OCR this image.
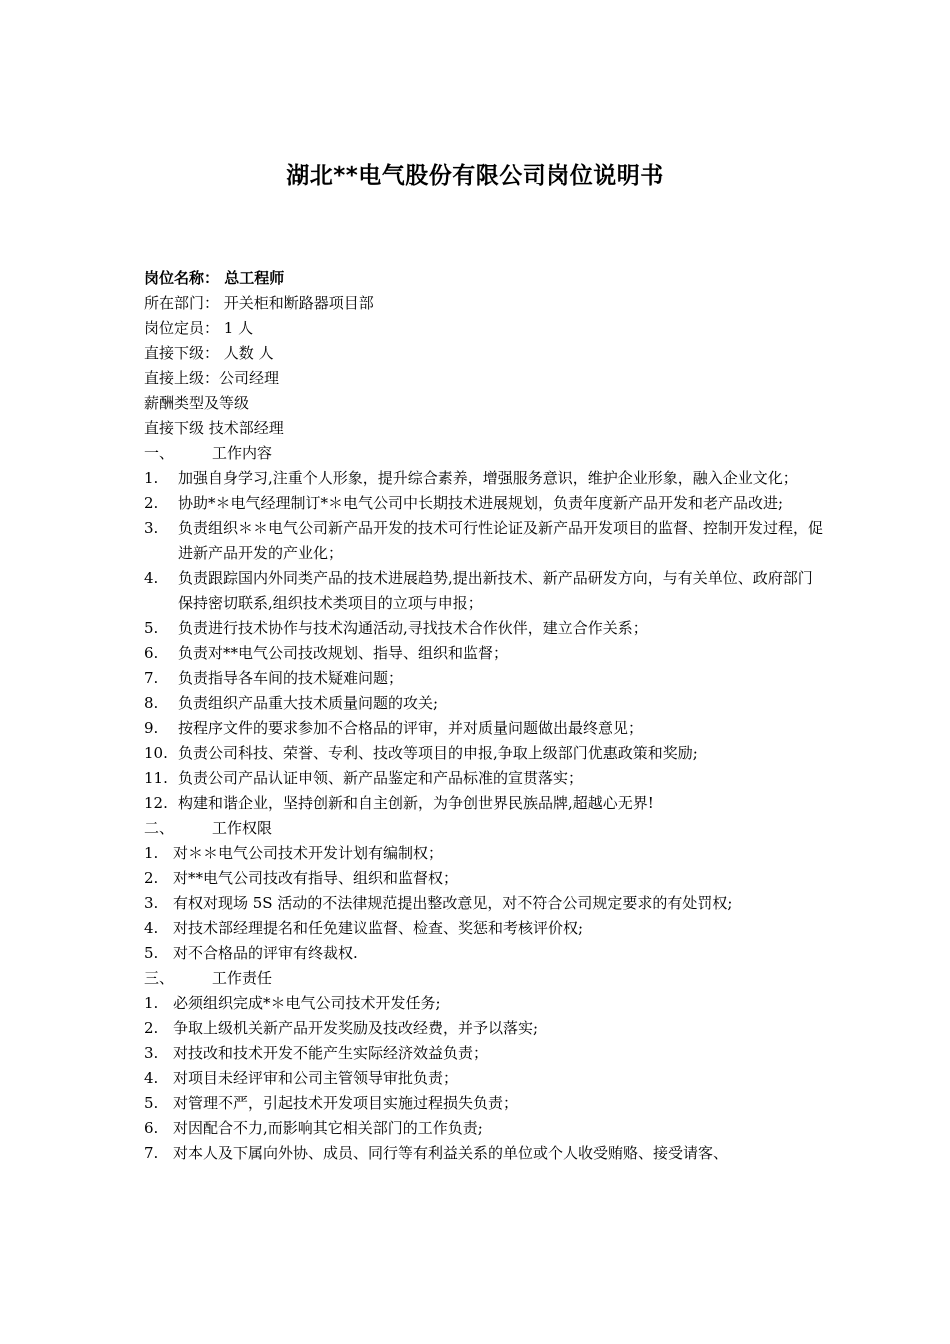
湖北**电气股份有限公司岗位说明书
岗位名称： 总工程师
所在部门： 开关柜和断路器项目部
岗位定员： 1 人
直接下级： 人数 人
直接上级：公司经理
薪酬类型及等级
直接下级 技术部经理
一、	工作内容
1.	加强自身学习,注重个人形象，提升综合素养，增强服务意识，维护企业形象，融入企业文化；
2.	协助*＊电气经理制订*＊电气公司中长期技术进展规划，负责年度新产品开发和老产品改进;
3.	负责组织＊＊电气公司新产品开发的技术可行性论证及新产品开发项目的监督、控制开发过程，促进新产品开发的产业化；
4.	负责跟踪国内外同类产品的技术进展趋势,提出新技术、新产品研发方向，与有关单位、政府部门保持密切联系,组织技术类项目的立项与申报；
5.	负责进行技术协作与技术沟通活动,寻找技术合作伙伴，建立合作关系；
6.	负责对**电气公司技改规划、指导、组织和监督；
7.	负责指导各车间的技术疑难问题；
8.	负责组织产品重大技术质量问题的攻关;
9.	按程序文件的要求参加不合格品的评审，并对质量问题做出最终意见；
10. 负责公司科技、荣誉、专利、技改等项目的申报,争取上级部门优惠政策和奖励;
11. 负责公司产品认证申领、新产品鉴定和产品标准的宣贯落实；
12. 构建和谐企业，坚持创新和自主创新，为争创世界民族品牌,超越心无界!
二、	工作权限
1. 对＊＊电气公司技术开发计划有编制权；
2. 对**电气公司技改有指导、组织和监督权；
3. 有权对现场 5S 活动的不法律规范提出整改意见，对不符合公司规定要求的有处罚权;
4. 对技术部经理提名和任免建议监督、检查、奖惩和考核评价权;
5. 对不合格品的评审有终裁权.
三、	工作责任
1. 必须组织完成*＊电气公司技术开发任务;
2. 争取上级机关新产品开发奖励及技改经费，并予以落实;
3. 对技改和技术开发不能产生实际经济效益负责；
4. 对项目未经评审和公司主管领导审批负责；
5. 对管理不严，引起技术开发项目实施过程损失负责；
6. 对因配合不力,而影响其它相关部门的工作负责;
7. 对本人及下属向外协、成员、同行等有利益关系的单位或个人收受贿赂、接受请客、
